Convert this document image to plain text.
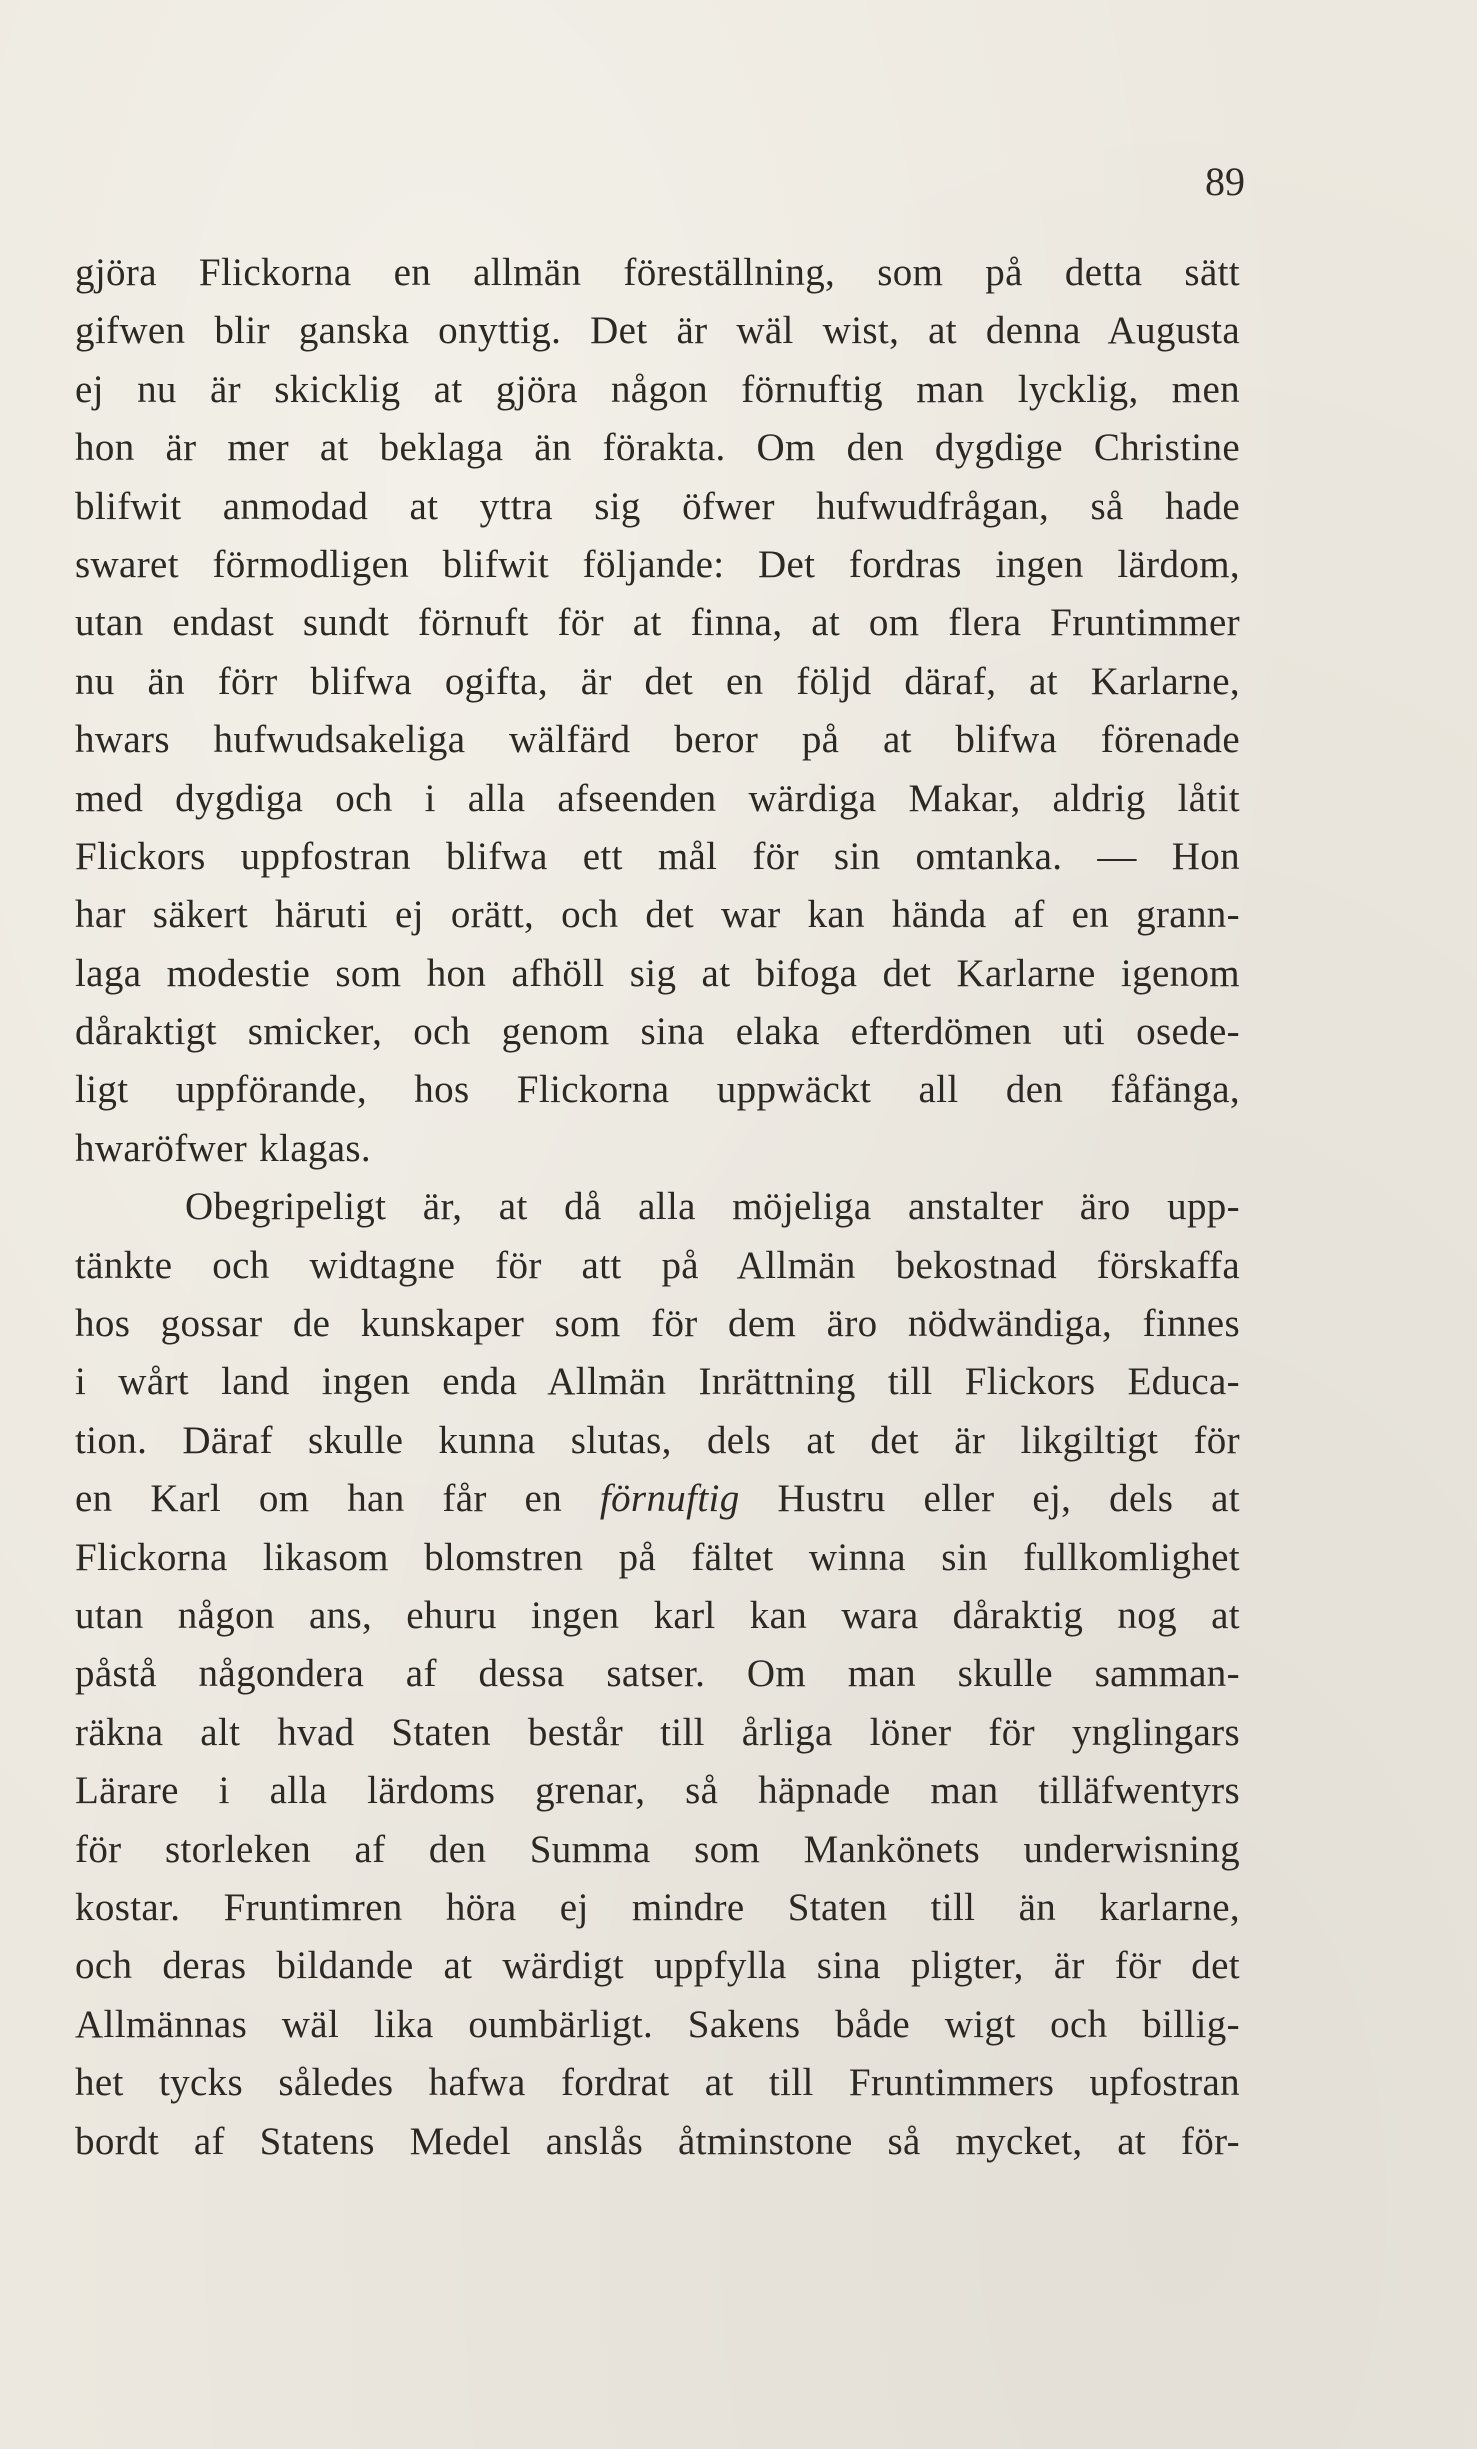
89
gjöra Flickorna en allmän föreställning, som på detta sätt
gifwen blir ganska onyttig. Det är wäl wist, at denna Augusta
ej nu är skicklig at gjöra någon förnuftig man lycklig, men
hon är mer at beklaga än förakta. Om den dygdige Christine
blifwit anmodad at yttra sig öfwer hufwudfrågan, så hade
swaret förmodligen blifwit följande: Det fordras ingen lärdom,
utan endast sundt förnuft för at finna, at om flera Fruntimmer
nu än förr blifwa ogifta, är det en följd däraf, at Karlarne,
hwars hufwudsakeliga wälfärd beror på at blifwa förenade
med dygdiga och i alla afseenden wärdiga Makar, aldrig låtit
Flickors uppfostran blifwa ett mål för sin omtanka. — Hon
har säkert häruti ej orätt, och det war kan hända af en grann-
laga modestie som hon afhöll sig at bifoga det Karlarne igenom
dåraktigt smicker, och genom sina elaka efterdömen uti osede-
ligt uppförande, hos Flickorna uppwäckt all den fåfänga,
hwaröfwer klagas.
Obegripeligt är, at då alla möjeliga anstalter äro upp-
tänkte och widtagne för att på Allmän bekostnad förskaffa
hos gossar de kunskaper som för dem äro nödwändiga, finnes
i wårt land ingen enda Allmän Inrättning till Flickors Educa-
tion. Däraf skulle kunna slutas, dels at det är likgiltigt för
en Karl om han får en förnuftig Hustru eller ej, dels at
Flickorna likasom blomstren på fältet winna sin fullkomlighet
utan någon ans, ehuru ingen karl kan wara dåraktig nog at
påstå någondera af dessa satser. Om man skulle samman-
räkna alt hvad Staten består till årliga löner för ynglingars
Lärare i alla lärdoms grenar, så häpnade man tilläfwentyrs
för storleken af den Summa som Mankönets underwisning
kostar. Fruntimren höra ej mindre Staten till än karlarne,
och deras bildande at wärdigt uppfylla sina pligter, är för det
Allmännas wäl lika oumbärligt. Sakens både wigt och billig-
het tycks således hafwa fordrat at till Fruntimmers upfostran
bordt af Statens Medel anslås åtminstone så mycket, at för-
